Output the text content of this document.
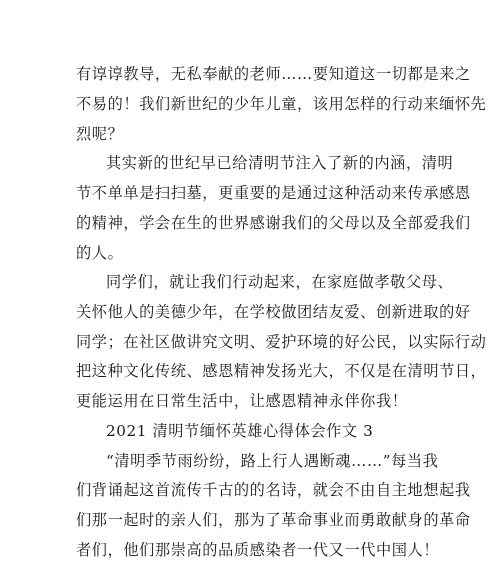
有谆谆教导，无私奉献的老师……要知道这一切都是来之
不易的！我们新世纪的少年儿童，该用怎样的行动来缅怀先
烈呢？
其实新的世纪早已给清明节注入了新的内涵，清明
节不单单是扫扫墓，更重要的是通过这种活动来传承感恩
的精神，学会在生的世界感谢我们的父母以及全部爱我们
的人。
同学们，就让我们行动起来，在家庭做孝敬父母、
关怀他人的美德少年，在学校做团结友爱、创新进取的好
同学；在社区做讲究文明、爱护环境的好公民，以实际行动
把这种文化传统、感恩精神发扬光大，不仅是在清明节日，
更能运用在日常生活中，让感恩精神永伴你我！
2021 清明节缅怀英雄心得体会作文 3
“清明季节雨纷纷，路上行人遇断魂……”每当我
们背诵起这首流传千古的的名诗，就会不由自主地想起我
们那一起时的亲人们，那为了革命事业而勇敢献身的革命
者们，他们那崇高的品质感染者一代又一代中国人！
